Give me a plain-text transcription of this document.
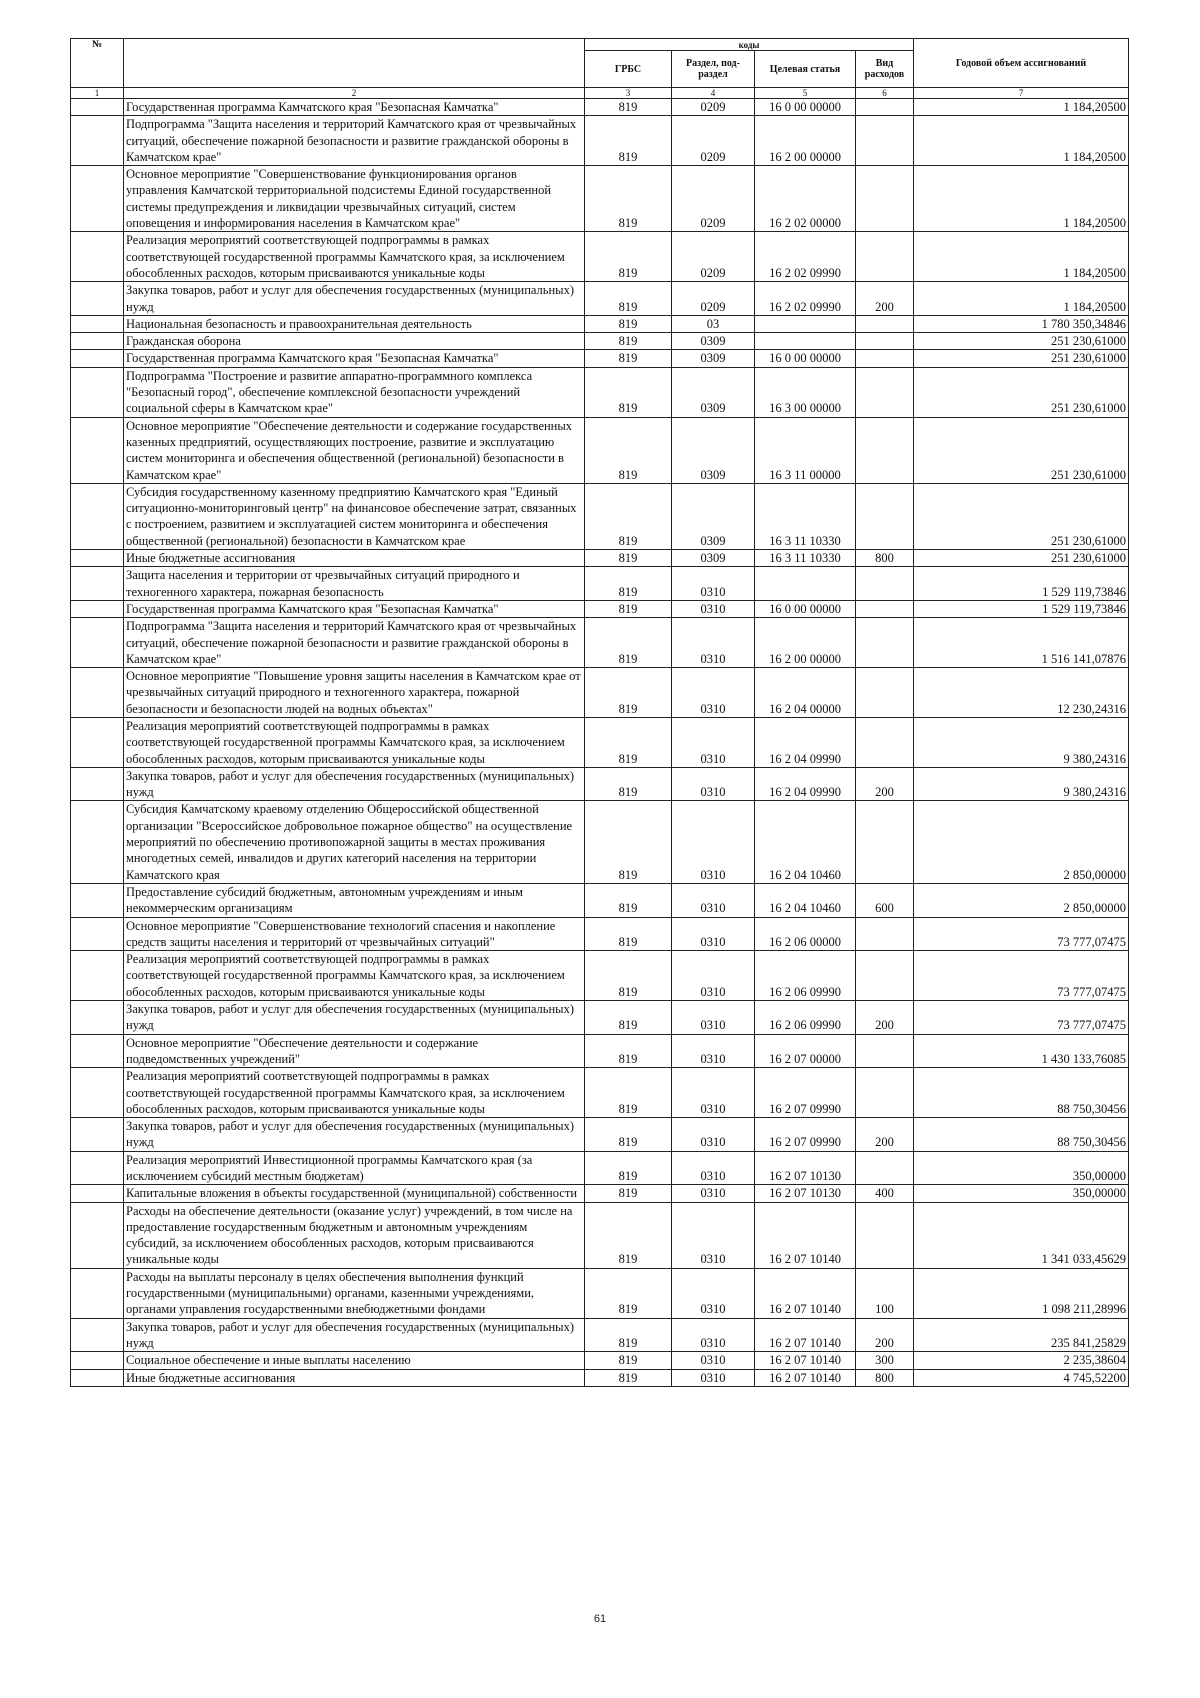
№		коды				Годовой объем ассигнований
		ГРБС	Раздел, под-раздел	Целевая статья	Вид расходов	
1	2	3	4	5	6	7
	Государственная программа Камчатского края "Безопасная Камчатка"	819	0209	16 0 00 00000		1 184,20500
	Подпрограмма "Защита населения и территорий Камчатского края от чрезвычайных ситуаций, обеспечение пожарной безопасности и развитие гражданской обороны в Камчатском крае"	819	0209	16 2 00 00000		1 184,20500
	Основное мероприятие "Совершенствование функционирования органов управления Камчатской территориальной подсистемы Единой государственной системы предупреждения и ликвидации чрезвычайных ситуаций, систем оповещения и информирования населения в Камчатском крае"	819	0209	16 2 02 00000		1 184,20500
	Реализация мероприятий соответствующей подпрограммы в рамках соответствующей государственной программы Камчатского края, за исключением обособленных расходов, которым присваиваются уникальные коды	819	0209	16 2 02 09990		1 184,20500
	Закупка товаров, работ и услуг для обеспечения государственных (муниципальных) нужд	819	0209	16 2 02 09990	200	1 184,20500
	Национальная безопасность и правоохранительная деятельность	819	03			1 780 350,34846
	Гражданская оборона	819	0309			251 230,61000
	Государственная программа Камчатского края "Безопасная Камчатка"	819	0309	16 0 00 00000		251 230,61000
	Подпрограмма "Построение и развитие аппаратно-программного комплекса "Безопасный город", обеспечение комплексной безопасности учреждений социальной сферы в Камчатском крае"	819	0309	16 3 00 00000		251 230,61000
	Основное мероприятие "Обеспечение деятельности и содержание государственных казенных предприятий, осуществляющих построение, развитие и эксплуатацию систем мониторинга и обеспечения общественной (региональной) безопасности в Камчатском крае"	819	0309	16 3 11 00000		251 230,61000
	Субсидия государственному казенному предприятию Камчатского края "Единый ситуационно-мониторинговый центр" на финансовое обеспечение затрат, связанных с построением, развитием и эксплуатацией систем мониторинга и обеспечения общественной (региональной) безопасности в Камчатском крае	819	0309	16 3 11 10330		251 230,61000
	Иные бюджетные ассигнования	819	0309	16 3 11 10330	800	251 230,61000
	Защита населения и территории от чрезвычайных ситуаций природного и техногенного характера, пожарная безопасность	819	0310			1 529 119,73846
	Государственная программа Камчатского края "Безопасная Камчатка"	819	0310	16 0 00 00000		1 529 119,73846
	Подпрограмма "Защита населения и территорий Камчатского края от чрезвычайных ситуаций, обеспечение пожарной безопасности и развитие гражданской обороны в Камчатском крае"	819	0310	16 2 00 00000		1 516 141,07876
	Основное мероприятие "Повышение уровня защиты населения в Камчатском крае от чрезвычайных ситуаций природного и техногенного характера, пожарной безопасности и безопасности людей на водных объектах"	819	0310	16 2 04 00000		12 230,24316
	Реализация мероприятий соответствующей подпрограммы в рамках соответствующей государственной программы Камчатского края, за исключением обособленных расходов, которым присваиваются уникальные коды	819	0310	16 2 04 09990		9 380,24316
	Закупка товаров, работ и услуг для обеспечения государственных (муниципальных) нужд	819	0310	16 2 04 09990	200	9 380,24316
	Субсидия Камчатскому краевому отделению Общероссийской общественной организации "Всероссийское добровольное пожарное общество" на осуществление мероприятий по обеспечению противопожарной защиты в местах проживания многодетных семей, инвалидов и других категорий населения на территории Камчатского края	819	0310	16 2 04 10460		2 850,00000
	Предоставление субсидий бюджетным, автономным учреждениям и иным некоммерческим организациям	819	0310	16 2 04 10460	600	2 850,00000
	Основное мероприятие "Совершенствование технологий спасения и накопление средств защиты населения и территорий от чрезвычайных ситуаций"	819	0310	16 2 06 00000		73 777,07475
	Реализация мероприятий соответствующей подпрограммы в рамках соответствующей государственной программы Камчатского края, за исключением обособленных расходов, которым присваиваются уникальные коды	819	0310	16 2 06 09990		73 777,07475
	Закупка товаров, работ и услуг для обеспечения государственных (муниципальных) нужд	819	0310	16 2 06 09990	200	73 777,07475
	Основное мероприятие "Обеспечение деятельности и содержание подведомственных учреждений"	819	0310	16 2 07 00000		1 430 133,76085
	Реализация мероприятий соответствующей подпрограммы в рамках соответствующей государственной программы Камчатского края, за исключением обособленных расходов, которым присваиваются уникальные коды	819	0310	16 2 07 09990		88 750,30456
	Закупка товаров, работ и услуг для обеспечения государственных (муниципальных) нужд	819	0310	16 2 07 09990	200	88 750,30456
	Реализация мероприятий Инвестиционной программы Камчатского края (за исключением субсидий местным бюджетам)	819	0310	16 2 07 10130		350,00000
	Капитальные вложения в объекты государственной (муниципальной) собственности	819	0310	16 2 07 10130	400	350,00000
	Расходы на обеспечение деятельности (оказание услуг) учреждений, в том числе на предоставление государственным бюджетным и автономным учреждениям субсидий, за исключением обособленных расходов, которым присваиваются уникальные коды	819	0310	16 2 07 10140		1 341 033,45629
	Расходы на выплаты персоналу в целях обеспечения выполнения функций государственными (муниципальными) органами, казенными учреждениями, органами управления государственными внебюджетными фондами	819	0310	16 2 07 10140	100	1 098 211,28996
	Закупка товаров, работ и услуг для обеспечения государственных (муниципальных) нужд	819	0310	16 2 07 10140	200	235 841,25829
	Социальное обеспечение и иные выплаты населению	819	0310	16 2 07 10140	300	2 235,38604
	Иные бюджетные ассигнования	819	0310	16 2 07 10140	800	4 745,52200
61
